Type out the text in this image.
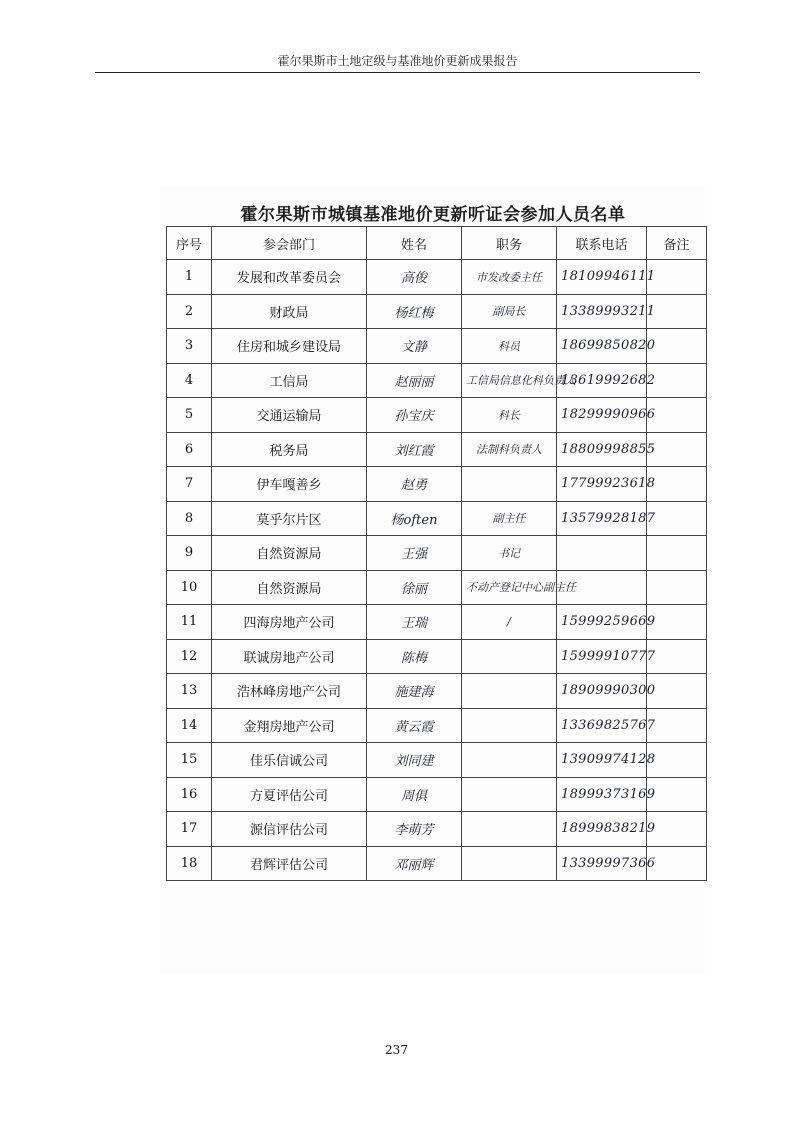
霍尔果斯市土地定级与基准地价更新成果报告
霍尔果斯市城镇基准地价更新听证会参加人员名单
序号	参会部门	姓名	职务	联系电话	备注
1	发展和改革委员会	高俊	市发改委主任	18109946111	
2	财政局	杨红梅	副局长	13389993211	
3	住房和城乡建设局	文静	科员	18699850820	
4	工信局	赵丽丽	工信局信息化科负责人	13619992682	
5	交通运输局	孙宝庆	科长	18299990966	
6	税务局	刘红霞	法制科负责人	18809998855	
7	伊车嘎善乡	赵勇		17799923618	
8	莫乎尔片区	杨often	副主任	13579928187	
9	自然资源局	王强	书记		
10	自然资源局	徐丽	不动产登记中心副主任		
11	四海房地产公司	王瑞	/	15999259669	
12	联诚房地产公司	陈梅		15999910777	
13	浩林峰房地产公司	施建海		18909990300	
14	金翔房地产公司	黄云霞		13369825767	
15	佳乐信诚公司	刘同建		13909974128	
16	方夏评估公司	周俱		18999373169	
17	源信评估公司	李萌芳		18999838219	
18	君辉评估公司	邓丽辉		13399997366	
237
